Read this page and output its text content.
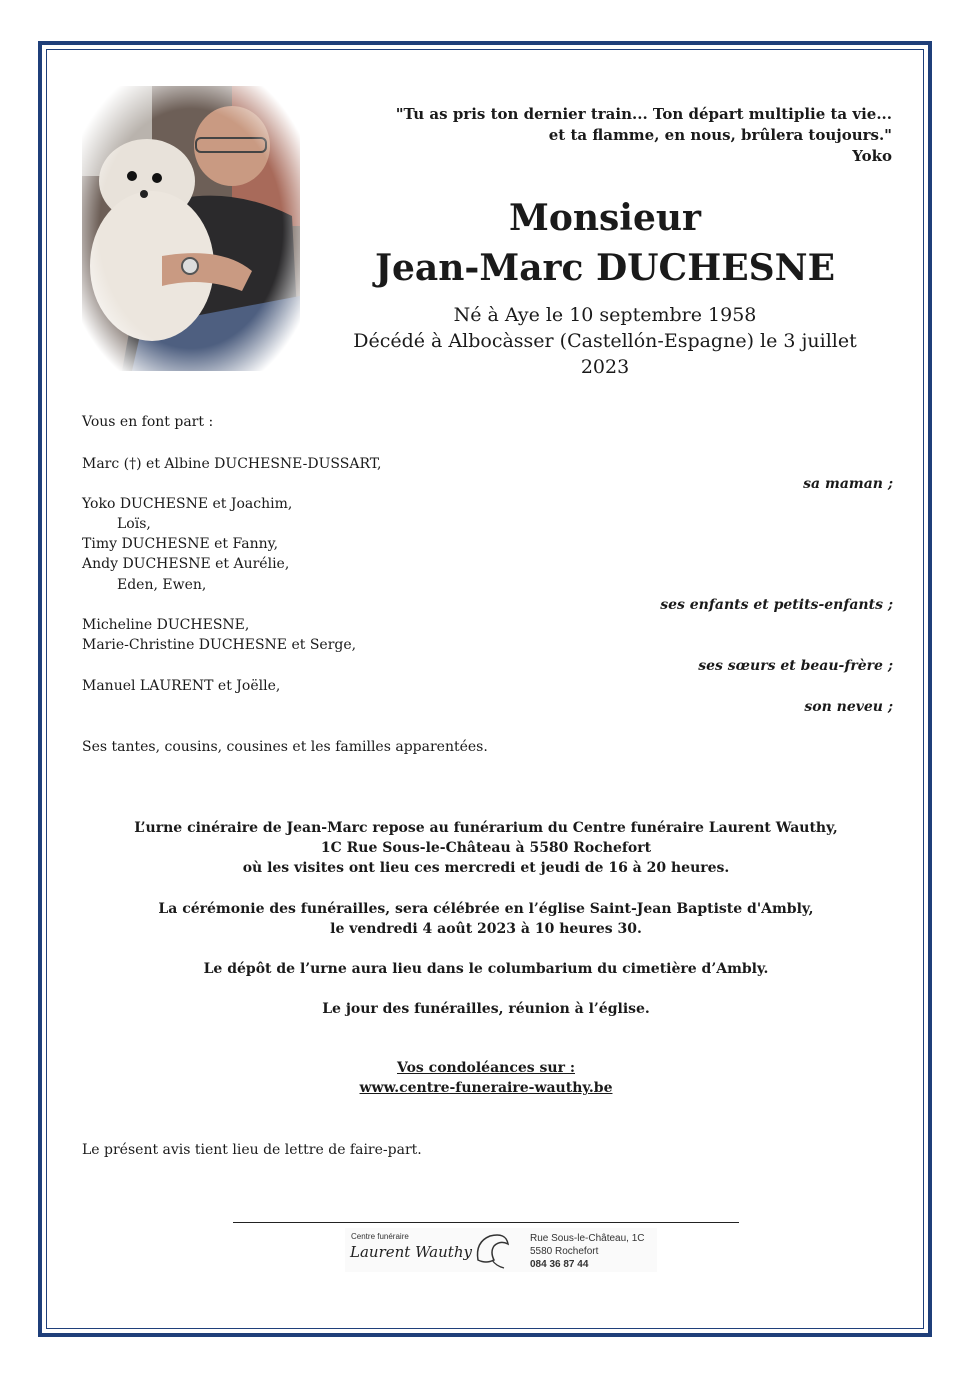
"Tu as pris ton dernier train... Ton départ multiplie ta vie...
et ta flamme, en nous, brûlera toujours."
Yoko
Monsieur
Jean-Marc DUCHESNE
Né à Aye le 10 septembre 1958
Décédé à Albocàsser (Castellón-Espagne) le 3 juillet 2023
Vous en font part :
Marc (†) et Albine DUCHESNE-DUSSART,
sa maman ;
Yoko DUCHESNE et Joachim,
Loïs,
Timy DUCHESNE et Fanny,
Andy DUCHESNE et Aurélie,
Eden, Ewen,
ses enfants et petits-enfants ;
Micheline DUCHESNE,
Marie-Christine DUCHESNE et Serge,
ses sœurs et beau-frère ;
Manuel LAURENT et Joëlle,
son neveu ;
Ses tantes, cousins, cousines et les familles apparentées.
L’urne cinéraire de Jean-Marc repose au funérarium du Centre funéraire Laurent Wauthy,
1C Rue Sous-le-Château à 5580 Rochefort
où les visites ont lieu ces mercredi et jeudi de 16 à 20 heures.
La cérémonie des funérailles, sera célébrée en l’église Saint-Jean Baptiste d'Ambly,
le vendredi 4 août 2023 à 10 heures 30.
Le dépôt de l’urne aura lieu dans le columbarium du cimetière d’Ambly.
Le jour des funérailles, réunion à l’église.
Vos condoléances sur :
www.centre-funeraire-wauthy.be
Le présent avis tient lieu de lettre de faire-part.
Centre funéraire
Laurent Wauthy
Rue Sous-le-Château, 1C
5580 Rochefort
084 36 87 44
